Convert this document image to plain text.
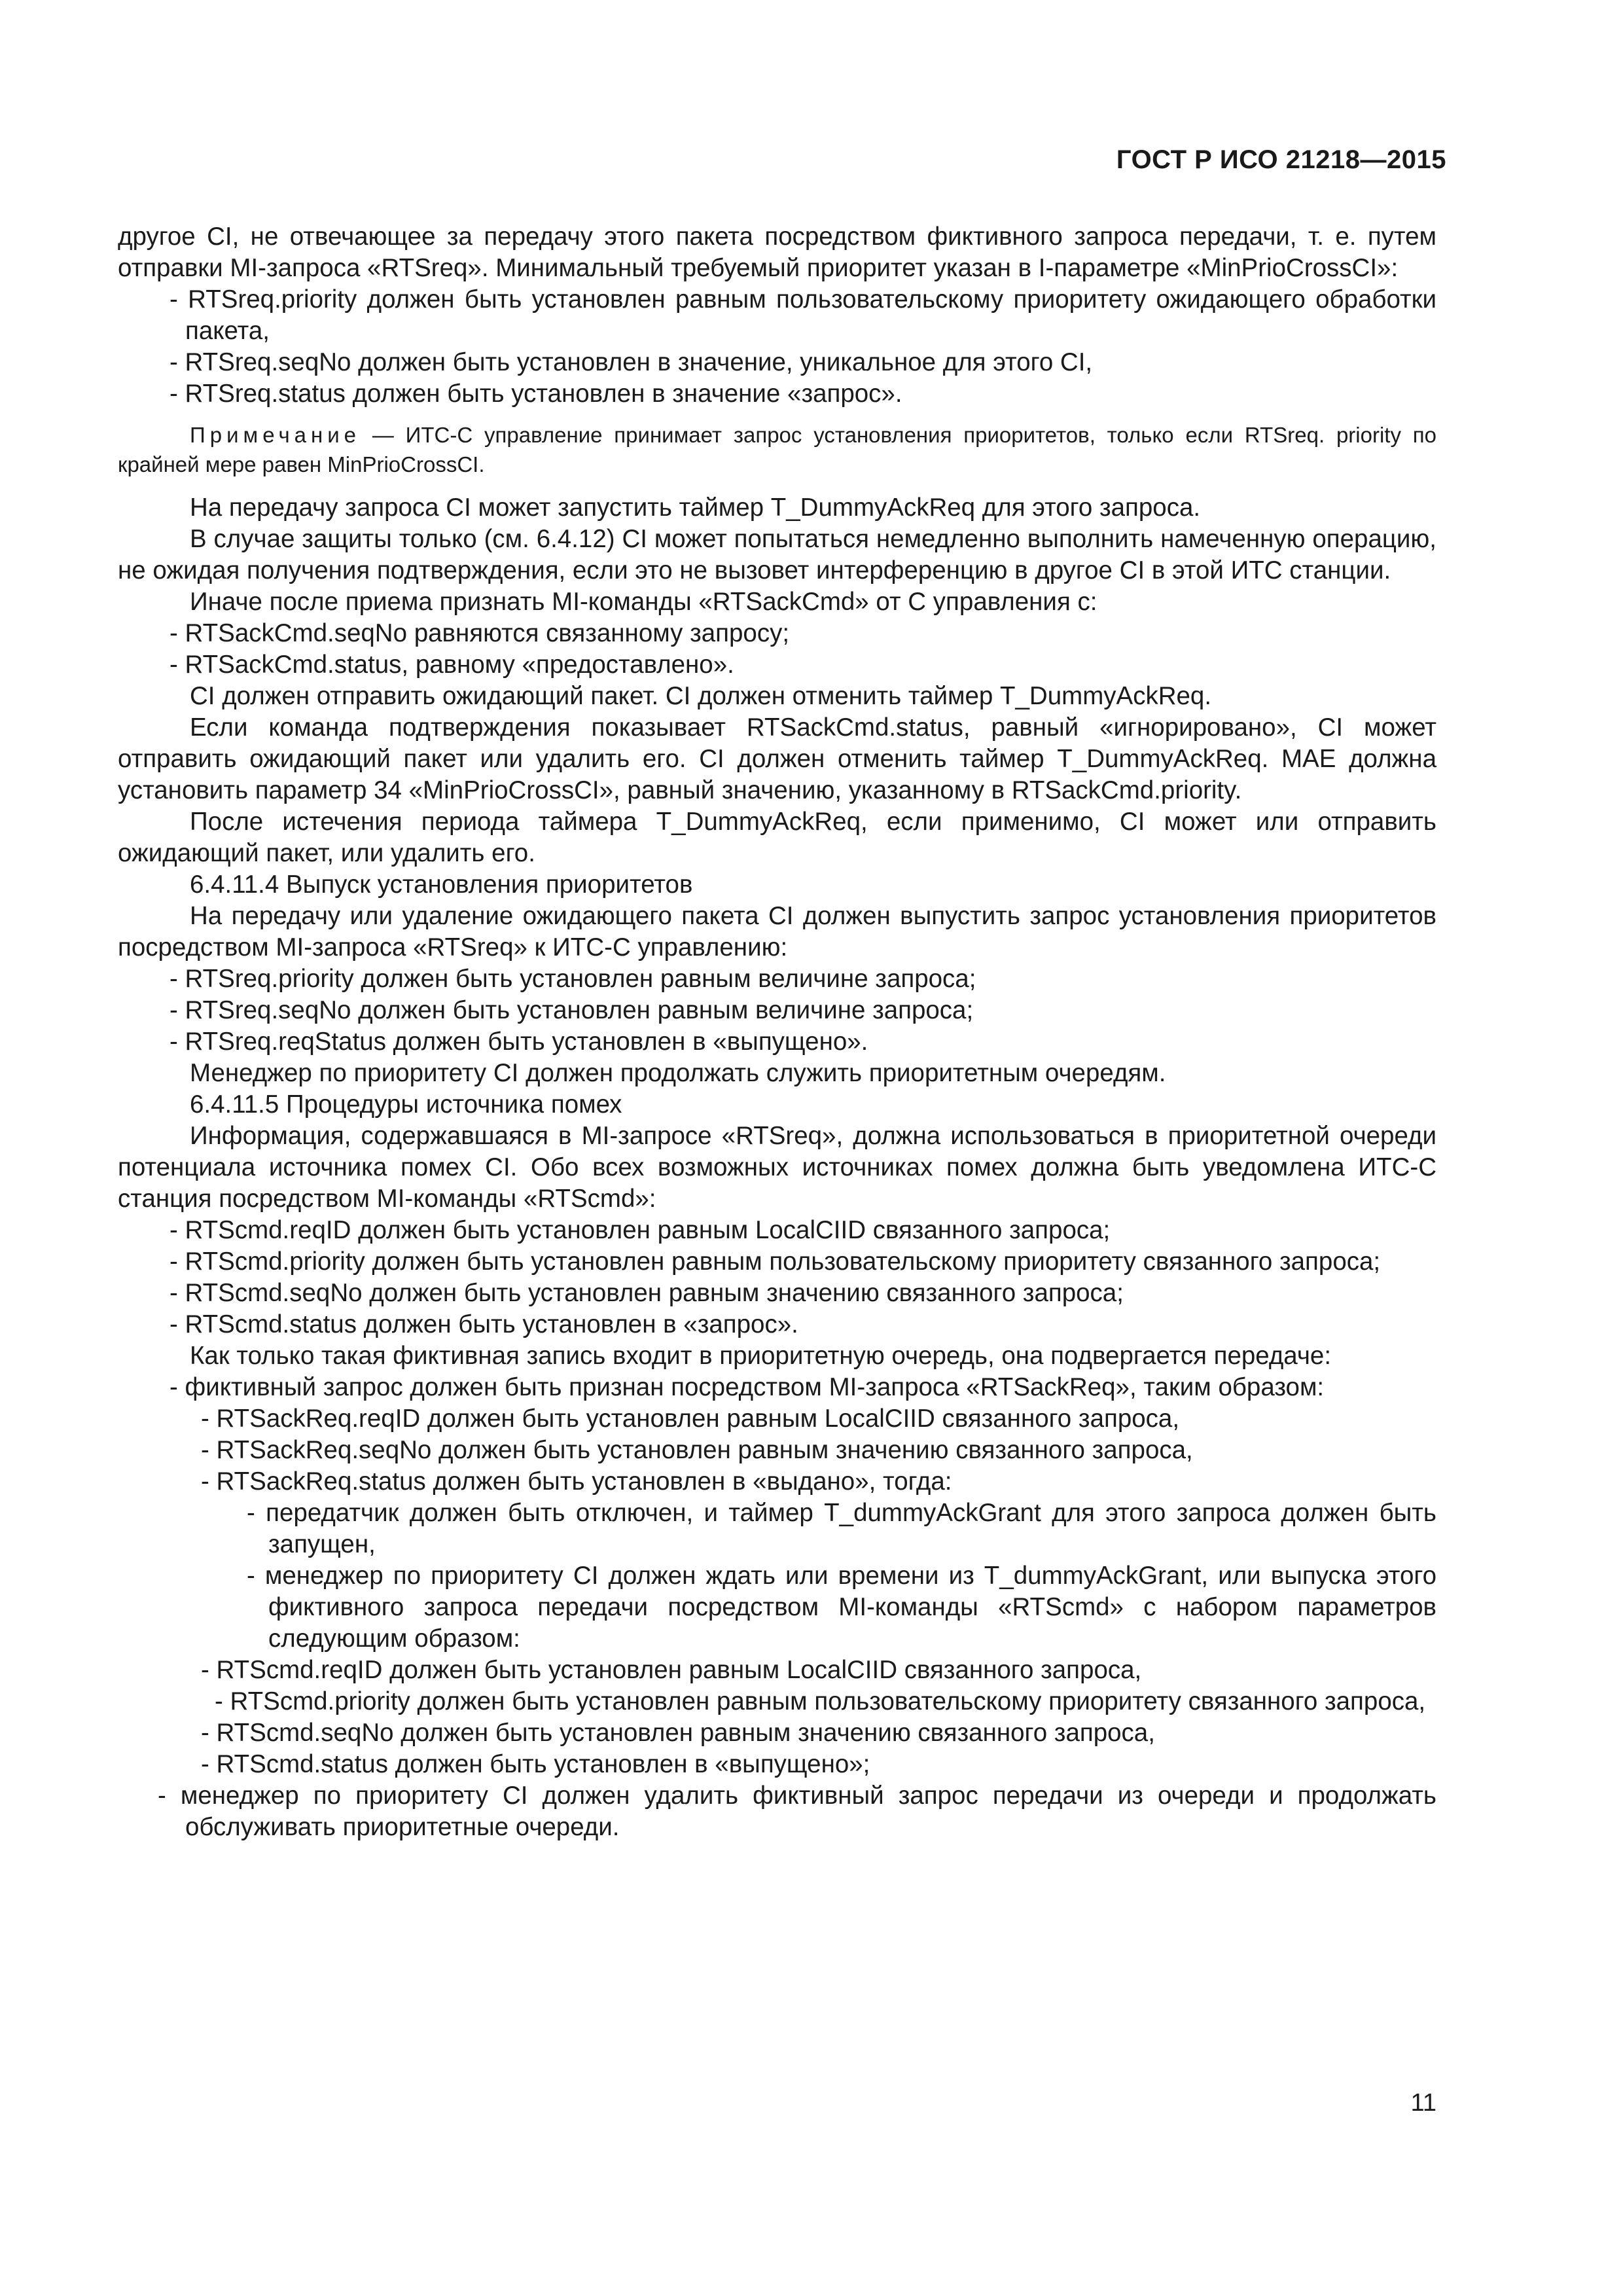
ГОСТ Р ИСО 21218—2015

другое CI, не отвечающее за передачу этого пакета посредством фиктивного запроса передачи, т. е. путем отправки MI-запроса «RTSreq». Минимальный требуемый приоритет указан в I-параметре «MinPrioCrossCI»:

- RTSreq.priority должен быть установлен равным пользовательскому приоритету ожидающего обработки пакета,

- RTSreq.seqNo должен быть установлен в значение, уникальное для этого CI,

- RTSreq.status должен быть установлен в значение «запрос».

Примечание — ИТС-С управление принимает запрос установления приоритетов, только если RTSreq. priority по крайней мере равен MinPrioCrossCI.

На передачу запроса CI может запустить таймер T_DummyAckReq для этого запроса.

В случае защиты только (см. 6.4.12) CI может попытаться немедленно выполнить намеченную операцию, не ожидая получения подтверждения, если это не вызовет интерференцию в другое CI в этой ИТС станции.

Иначе после приема признать MI-команды «RTSackCmd» от С управления с:

- RTSackCmd.seqNo равняются связанному запросу;

- RTSackCmd.status, равному «предоставлено».

CI должен отправить ожидающий пакет. CI должен отменить таймер T_DummyAckReq.

Если команда подтверждения показывает RTSackCmd.status, равный «игнорировано», CI может отправить ожидающий пакет или удалить его. CI должен отменить таймер T_DummyAckReq. MAE должна установить параметр 34 «MinPrioCrossCI», равный значению, указанному в RTSackCmd.priority.

После истечения периода таймера T_DummyAckReq, если применимо, CI может или отправить ожидающий пакет, или удалить его.

6.4.11.4 Выпуск установления приоритетов

На передачу или удаление ожидающего пакета CI должен выпустить запрос установления приоритетов посредством MI-запроса «RTSreq» к ИТС-С управлению:

- RTSreq.priority должен быть установлен равным величине запроса;

- RTSreq.seqNo должен быть установлен равным величине запроса;

- RTSreq.reqStatus должен быть установлен в «выпущено».

Менеджер по приоритету CI должен продолжать служить приоритетным очередям.

6.4.11.5 Процедуры источника помех

Информация, содержавшаяся в MI-запросе «RTSreq», должна использоваться в приоритетной очереди потенциала источника помех CI. Обо всех возможных источниках помех должна быть уведомлена ИТС-С станция посредством MI-команды «RTScmd»:

- RTScmd.reqID должен быть установлен равным LocalCIID связанного запроса;

- RTScmd.priority должен быть установлен равным пользовательскому приоритету связанного запроса;

- RTScmd.seqNo должен быть установлен равным значению связанного запроса;

- RTScmd.status должен быть установлен в «запрос».

Как только такая фиктивная запись входит в приоритетную очередь, она подвергается передаче:

- фиктивный запрос должен быть признан посредством MI-запроса «RTSackReq», таким образом:

- RTSackReq.reqID должен быть установлен равным LocalCIID связанного запроса,

- RTSackReq.seqNo должен быть установлен равным значению связанного запроса,

- RTSackReq.status должен быть установлен в «выдано», тогда:

- передатчик должен быть отключен, и таймер T_dummyAckGrant для этого запроса должен быть запущен,

- менеджер по приоритету CI должен ждать или времени из T_dummyAckGrant, или выпуска этого фиктивного запроса передачи посредством MI-команды «RTScmd» с набором параметров следующим образом:

- RTScmd.reqID должен быть установлен равным LocalCIID связанного запроса,

- RTScmd.priority должен быть установлен равным пользовательскому приоритету связанного запроса,

- RTScmd.seqNo должен быть установлен равным значению связанного запроса,

- RTScmd.status должен быть установлен в «выпущено»;

- менеджер по приоритету CI должен удалить фиктивный запрос передачи из очереди и продолжать обслуживать приоритетные очереди.

11
